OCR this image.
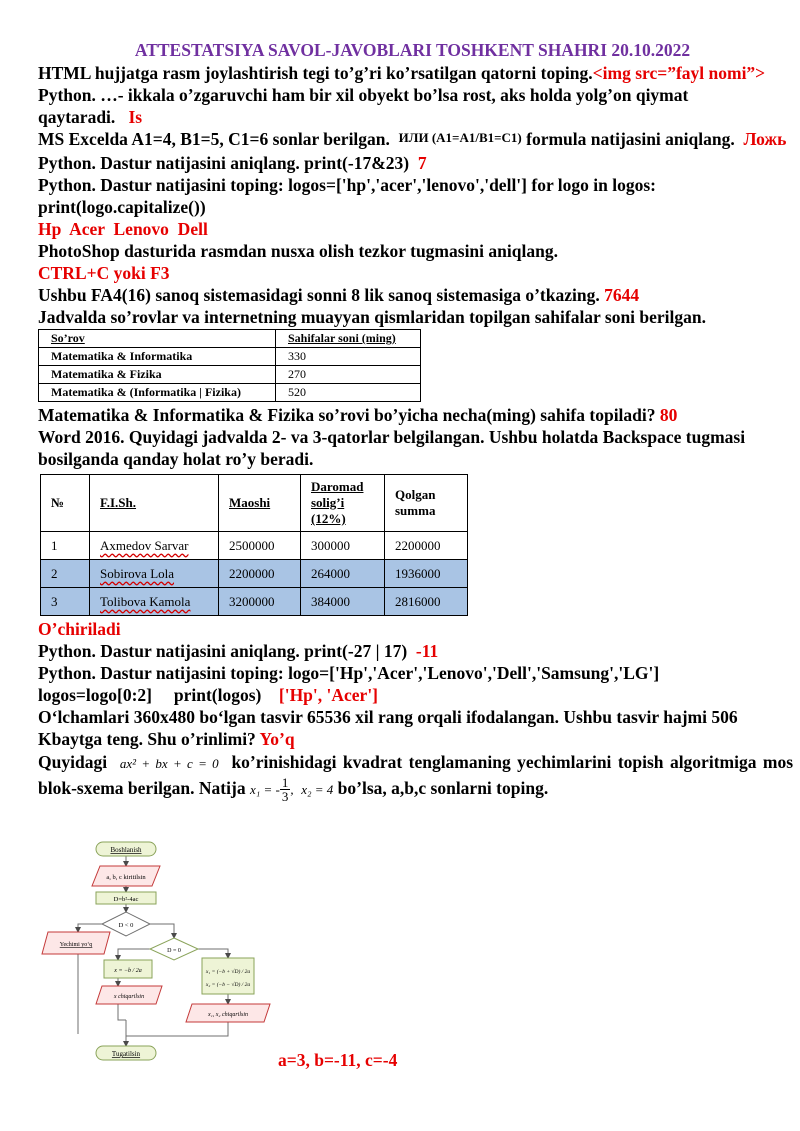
ATTESTATSIYA SAVOL-JAVOBLARI TOSHKENT SHAHRI 20.10.2022
HTML hujjatga rasm joylashtirish tegi to’g’ri ko’rsatilgan qatorni toping.<img src=”fayl nomi”>
Python. …- ikkala o’zgaruvchi ham bir xil obyekt bo’lsa rost, aks holda yolg’on qiymat qaytaradi. Is
MS Excelda A1=4, B1=5, C1=6 sonlar berilgan. ИЛИ (A1=A1/B1=C1) formula natijasini aniqlang. Ложь
Python. Dastur natijasini aniqlang. print(-17&23) 7
Python. Dastur natijasini toping: logos=['hp','acer','lenovo','dell'] for logo in logos:
print(logo.capitalize())
Hp  Acer  Lenovo  Dell
PhotoShop dasturida rasmdan nusxa olish tezkor tugmasini aniqlang.
CTRL+C yoki F3
Ushbu FA4(16) sanoq sistemasidagi sonni 8 lik sanoq sistemasiga o’tkazing. 7644
Jadvalda so’rovlar va internetning muayyan qismlaridan topilgan sahifalar soni berilgan.
So’rov	Sahifalar soni (ming)
Matematika & Informatika	330
Matematika & Fizika	270
Matematika & (Informatika | Fizika)	520
Matematika & Informatika & Fizika so’rovi bo’yicha necha(ming) sahifa topiladi? 80
Word 2016. Quyidagi jadvalda 2- va 3-qatorlar belgilangan. Ushbu holatda Backspace tugmasi bosilganda qanday holat ro’y beradi.
№	F.I.Sh.	Maoshi	Daromad solig’i (12%)	Qolgan summa
1	Axmedov Sarvar	2500000	300000	2200000
2	Sobirova Lola	2200000	264000	1936000
3	Tolibova Kamola	3200000	384000	2816000
O’chiriladi
Python. Dastur natijasini aniqlang. print(-27 | 17) -11
Python. Dastur natijasini toping: logo=['Hp','Acer','Lenovo','Dell','Samsung','LG']
logos=logo[0:2]     print(logos) ['Hp', 'Acer']
O‘lchamlari 360x480 bo‘lgan tasvir 65536 xil rang orqali ifodalangan. Ushbu tasvir hajmi 506 Kbaytga teng. Shu o’rinlimi? Yo’q
Quyidagi ax² + bx + c = 0 ko’rinishidagi kvadrat tenglamaning yechimlarini topish algoritmiga mos blok-sxema berilgan. Natija x₁ = - $\frac{1}{3}$ ,  x₂ = 4 bo’lsa, a,b,c sonlarni toping.
Boshlanish
a, b, c kiritilsin
D=b²-4ac
D < 0
Yechimi yo‘q
D = 0
x = −b / 2a
x chiqarilsin
x₁ = (−b + √D) / 2a
x₂ = (−b − √D) / 2a
x₁, x₂ chiqarilsin
Tugatilsin	a=3, b=-11, c=-4
